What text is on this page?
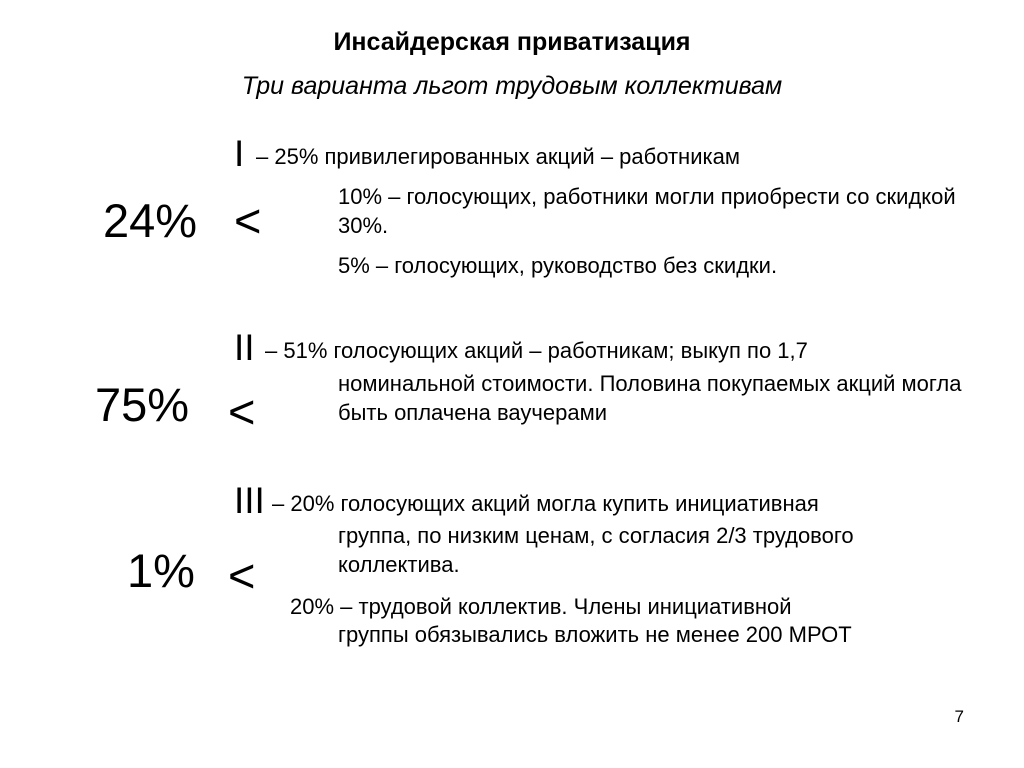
Инсайдерская приватизация
Три варианта льгот трудовым коллективам
I – 25% привилегированных акций – работникам
24% <	10% – голосующих, работники могли приобрести со скидкой 30%.
5% – голосующих, руководство без скидки.
II – 51% голосующих акций – работникам; выкуп по 1,7
75% <
номинальной стоимости. Половина покупаемых акций могла быть оплачена ваучерами
III – 20% голосующих акций могла купить инициативная
1% <
группа, по низким ценам, с согласия 2/3 трудового коллектива.
20% – трудовой коллектив. Члены инициативной
группы обязывались вложить не менее 200 МРОТ
7
